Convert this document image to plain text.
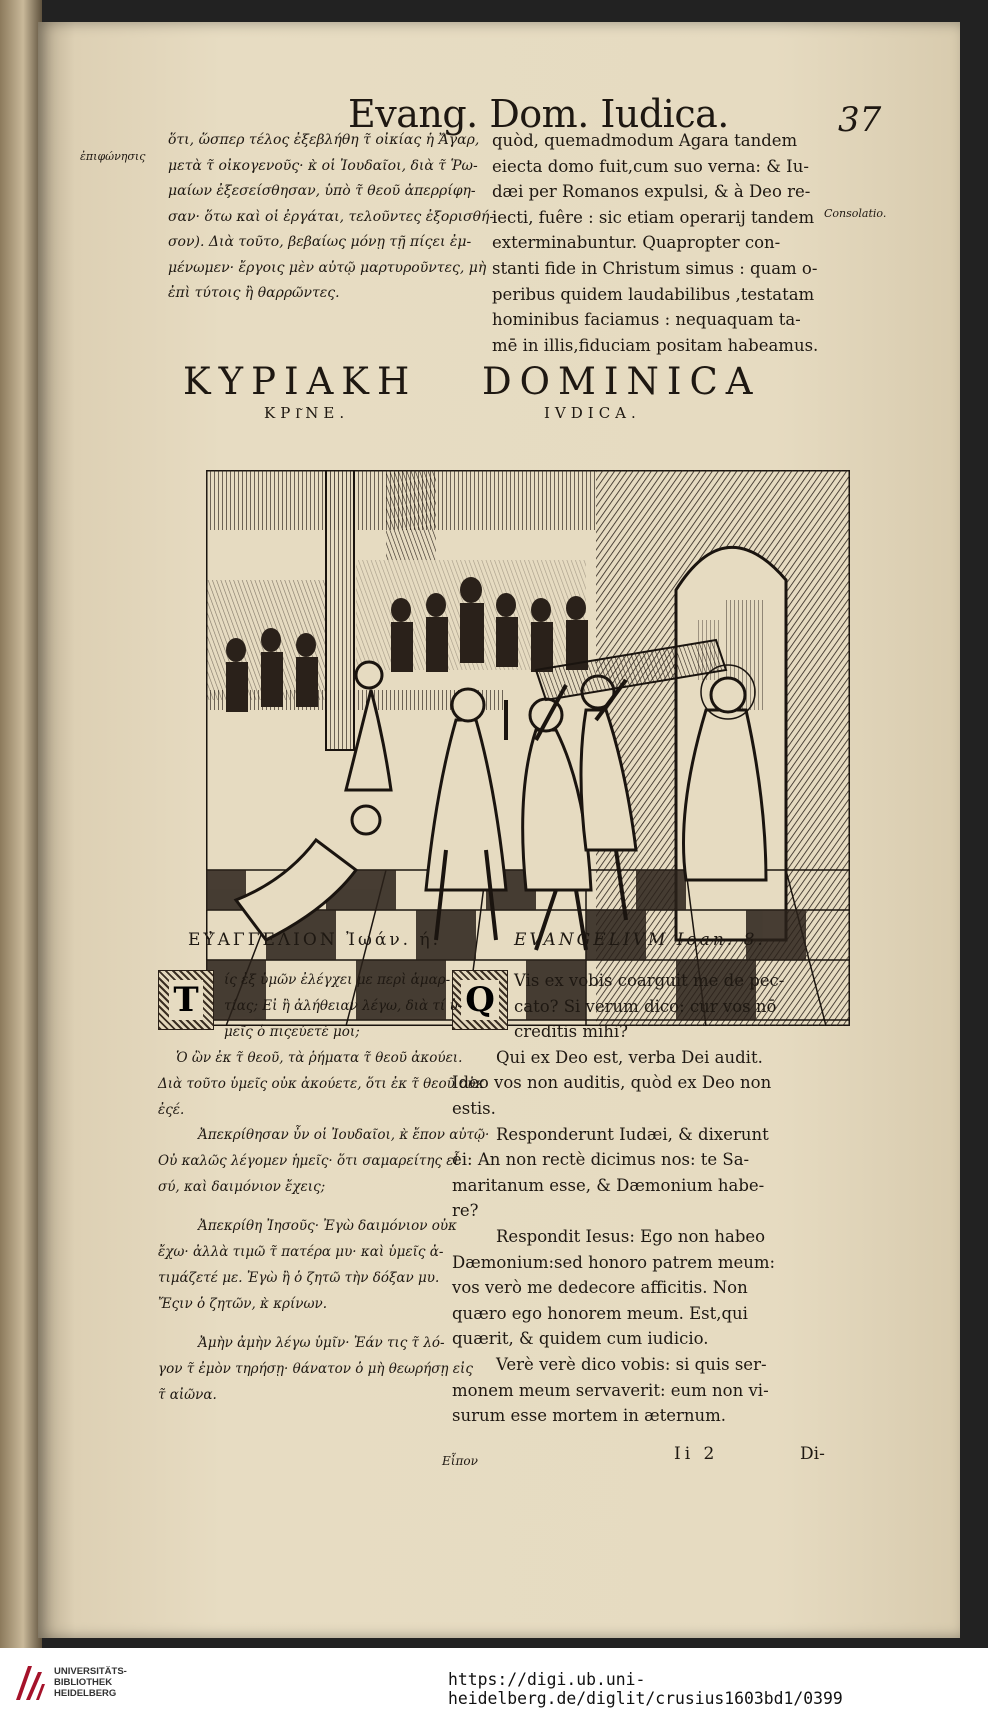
Evang. Dom. Iudica.	37
ἐπιφώνησις
Consolatio.
ὅτι, ὥσπερ τέλος ἐξεβλήθη τ̃ οἰκίας ἡ Ἄγαρ,
μετὰ τ̃ οἰκογενοῦς· κ̀ οἱ Ἰουδαῖοι, διὰ τ̃ Ῥω-
μαίων ἐξεσείσθησαν, ὑπὸ τ̃ θεοῦ ἀπερρίφη-
σαν· ὅτω καὶ οἱ ἐργάται, τελοῦντες ἐξορισθή-
σον). Διὰ τοῦτο, βεβαίως μόνῃ τῇ πίςει ἐμ-
μένωμεν· ἔργοις μὲν αὐτῷ μαρτυροῦντες, μὴ
ἐπὶ τύτοις ἢ θαρρῶντες.
quòd, quemadmodum Agara tandem
eiecta domo fuit,cum suo verna: & Iu-
dæi per Romanos expulsi, & à Deo re-
iecti, fuêre : sic etiam operarij tandem
exterminabuntur. Quapropter con-
stanti fide in Christum simus : quam o-
peribus quidem laudabilibus ,testatam
hominibus faciamus : nequaquam ta-
mē in illis,fiduciam positam habeamus.
ΚΥΡΙΑΚΗ
ΚΡΙ͂ΝΕ.
DOMINICA
IVDICA.
ΕΥ̓ΑΓΓΕΛΙΟΝ Ἰωάν. ή.	EVANGELIVM Ioan. 8.
T	Q
ίς ἐξ ὑμῶν ἐλέγχει με περὶ ἁμαρ-
τίας; Εἰ ἢ ἀλήθειαν λέγω, διὰ τί ὑ-
μεῖς ὁ πιςεύετέ μοι;
Ὁ ὢν ἐκ τ̃ θεοῦ, τὰ ῥήματα τ̃ θεοῦ ἀκούει.
Διὰ τοῦτο ὑμεῖς οὐκ ἀκούετε, ὅτι ἐκ τ̃ θεοῦ οὐκ
ἐςέ.
Ἀπεκρίθησαν ὖν οἱ Ἰουδαῖοι, κ̀ ἔπον αὐτῷ·
Οὐ καλῶς λέγομεν ἡμεῖς· ὅτι σαμαρείτης εἶ
σύ, καὶ δαιμόνιον ἔχεις;
Ἀπεκρίθη Ἰησοῦς· Ἐγὼ δαιμόνιον οὐκ
ἔχω· ἀλλὰ τιμῶ τ̃ πατέρα μυ· καὶ ὑμεῖς ἀ-
τιμάζετέ με. Ἐγὼ ἢ ὁ ζητῶ τὴν δόξαν μυ.
Ἔςιν ὁ ζητῶν, κ̀ κρίνων.
Ἀμὴν ἀμὴν λέγω ὑμῖν· Ἐάν τις τ̃ λό-
γον τ̃ ἐμὸν τηρήσῃ· θάνατον ὁ μὴ θεωρήσῃ εἰς
τ̃ αἰῶνα.
Vis ex vobis coarguit me de pec-
cato? Si verum dico: cur vos nō
creditis mihi?
Qui ex Deo est, verba Dei audit.
Ideo vos non auditis, quòd ex Deo non
estis.
Responderunt Iudæi, & dixerunt
ei: An non rectè dicimus nos: te Sa-
maritanum esse, & Dæmonium habe-
re?
Respondit Iesus: Ego non habeo
Dæmonium:sed honoro patrem meum:
vos verò me dedecore afficitis. Non
quæro ego honorem meum. Est,qui
quærit, & quidem cum iudicio.
Verè verè dico vobis: si quis ser-
monem meum servaverit: eum non vi-
surum esse mortem in æternum.
Εἶπον	Ii 2	Di-
UNIVERSITÄTS-
BIBLIOTHEK
HEIDELBERG
https://digi.ub.uni-heidelberg.de/diglit/crusius1603bd1/0399
